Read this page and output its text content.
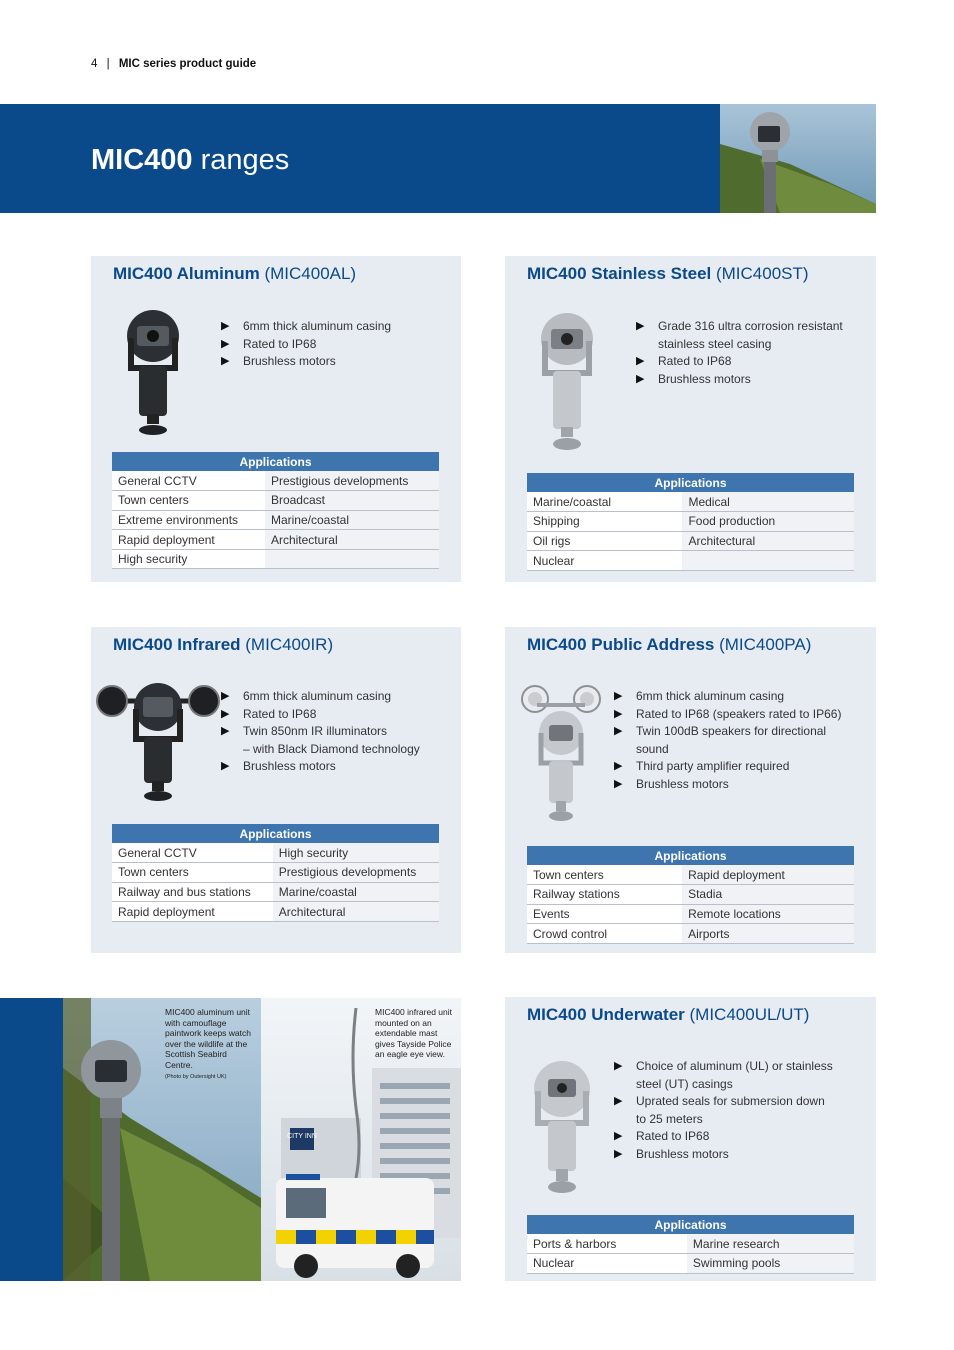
4 | MIC series product guide
MIC400 ranges
MIC400 Aluminum (MIC400AL)
▶ 6mm thick aluminum casing
▶ Rated to IP68
▶ Brushless motors
Applications	
General CCTV	Prestigious developments
Town centers	Broadcast
Extreme environments	Marine/coastal
Rapid deployment	Architectural
High security	
MIC400 Stainless Steel (MIC400ST)
▶ Grade 316 ultra corrosion resistant
stainless steel casing
▶ Rated to IP68
▶ Brushless motors
Applications	
Marine/coastal	Medical
Shipping	Food production
Oil rigs	Architectural
Nuclear	
MIC400 Infrared (MIC400IR)
▶ 6mm thick aluminum casing
▶ Rated to IP68
▶ Twin 850nm IR illuminators
– with Black Diamond technology
▶ Brushless motors
Applications	
General CCTV	High security
Town centers	Prestigious developments
Railway and bus stations	Marine/coastal
Rapid deployment	Architectural
MIC400 Public Address (MIC400PA)
▶ 6mm thick aluminum casing
▶ Rated to IP68 (speakers rated to IP66)
▶ Twin 100dB speakers for directional
sound
▶ Third party amplifier required
▶ Brushless motors
Applications	
Town centers	Rapid deployment
Railway stations	Stadia
Events	Remote locations
Crowd control	Airports
CITY INN
MIC400 aluminum unit with camouflage paintwork keeps watch over the wildlife at the Scottish Seabird Centre.
(Photo by Outersight UK)
MIC400 infrared unit mounted on an extendable mast gives Tayside Police an eagle eye view.
MIC400 Underwater (MIC400UL/UT)
▶ Choice of aluminum (UL) or stainless
steel (UT) casings
▶ Uprated seals for submersion down
to 25 meters
▶ Rated to IP68
▶ Brushless motors
Applications	
Ports & harbors	Marine research
Nuclear	Swimming pools
